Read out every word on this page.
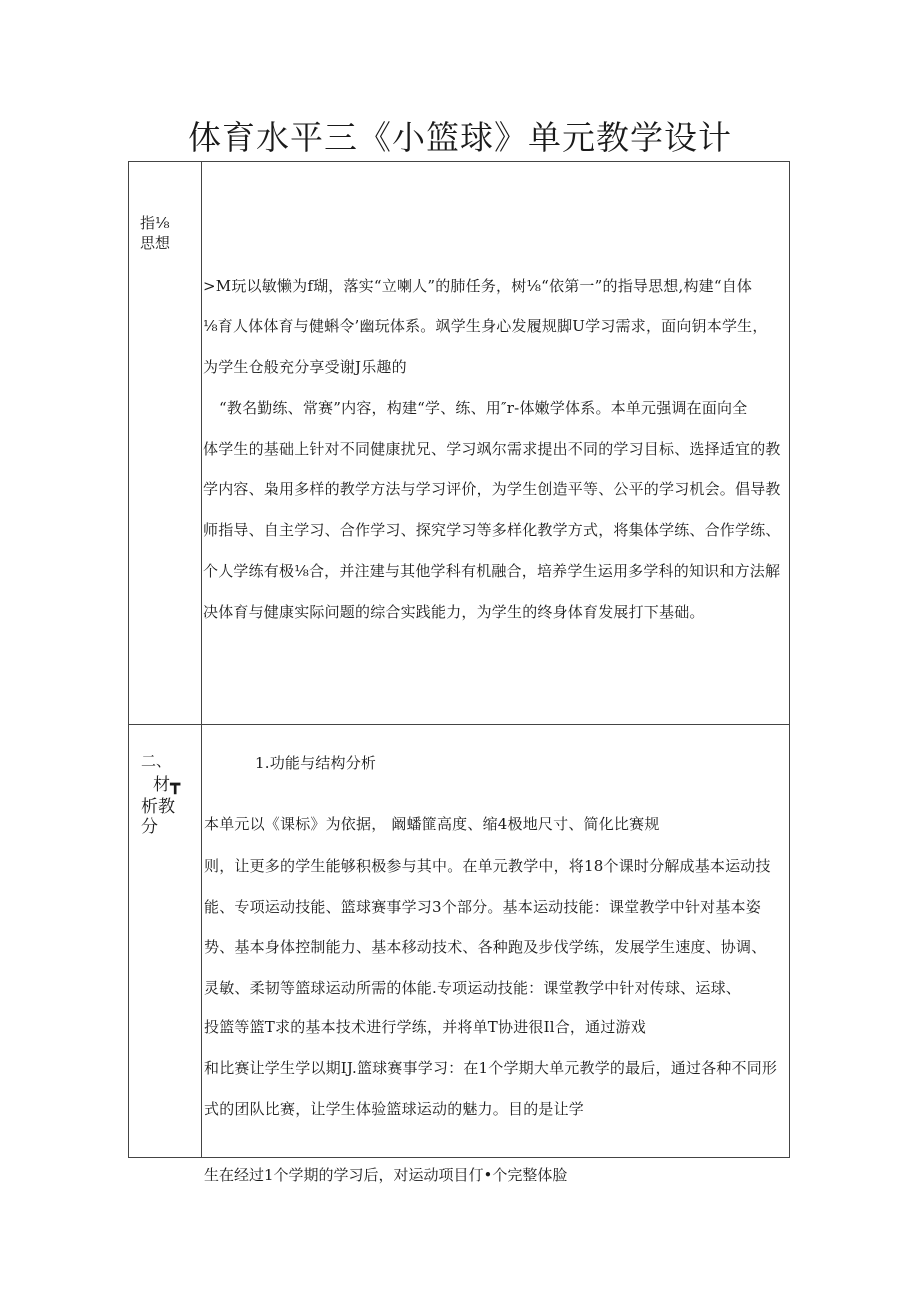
体育水平三《小篮球》单元教学设计
指⅛
思想
>M玩以敏懒为f瑚，落实“立喇人”的肺任务，树⅛“依第一”的指导思想,构建“自体
⅛育人体体育与健蝌令’幽玩体系。飒学生身心发履规脚U学习需求，面向钥本学生，
为学生仓般充分享受谢J乐趣的
“教名勤练、常赛”内容，构建“学、练、用″r-体嫩学体系。本单元强调在面向全
体学生的基础上针对不同健康扰兄、学习飒尔需求提出不同的学习目标、选择适宜的教
学内容、枭用多样的教学方法与学习评价，为学生创造平等、公平的学习机会。倡导教
师指导、自主学习、合作学习、探究学习等多样化教学方式，将集体学练、合作学练、
个人学练有极⅛合，并注建与其他学科有机融合，培养学生运用多学科的知识和方法解
决体育与健康实际问题的综合实践能力，为学生的终身体育发展打下基础。
二、
材┳
析教
分
1.功能与结构分析
本单元以《课标》为依据， 阚蟠篚高度、缩4极地尺寸、简化比赛规
则，让更多的学生能够积极参与其中。在单元教学中，将18个课时分解成基本运动技
能、专项运动技能、篮球赛事学习3个部分。基本运动技能：课堂教学中针对基本姿
势、基本身体控制能力、基本移动技术、各种跑及步伐学练，发展学生速度、协调、
灵敏、柔韧等篮球运动所需的体能.专项运动技能：课堂教学中针对传球、运球、
投篮等篮T求的基本技术进行学练，并将单T协进很Il合，通过游戏
和比赛让学生学以期IJ.篮球赛事学习：在1个学期大单元教学的最后，通过各种不同形
式的团队比赛，让学生体验篮球运动的魅力。目的是让学
生在经过1个学期的学习后，对运动项目仃•个完整体脸
